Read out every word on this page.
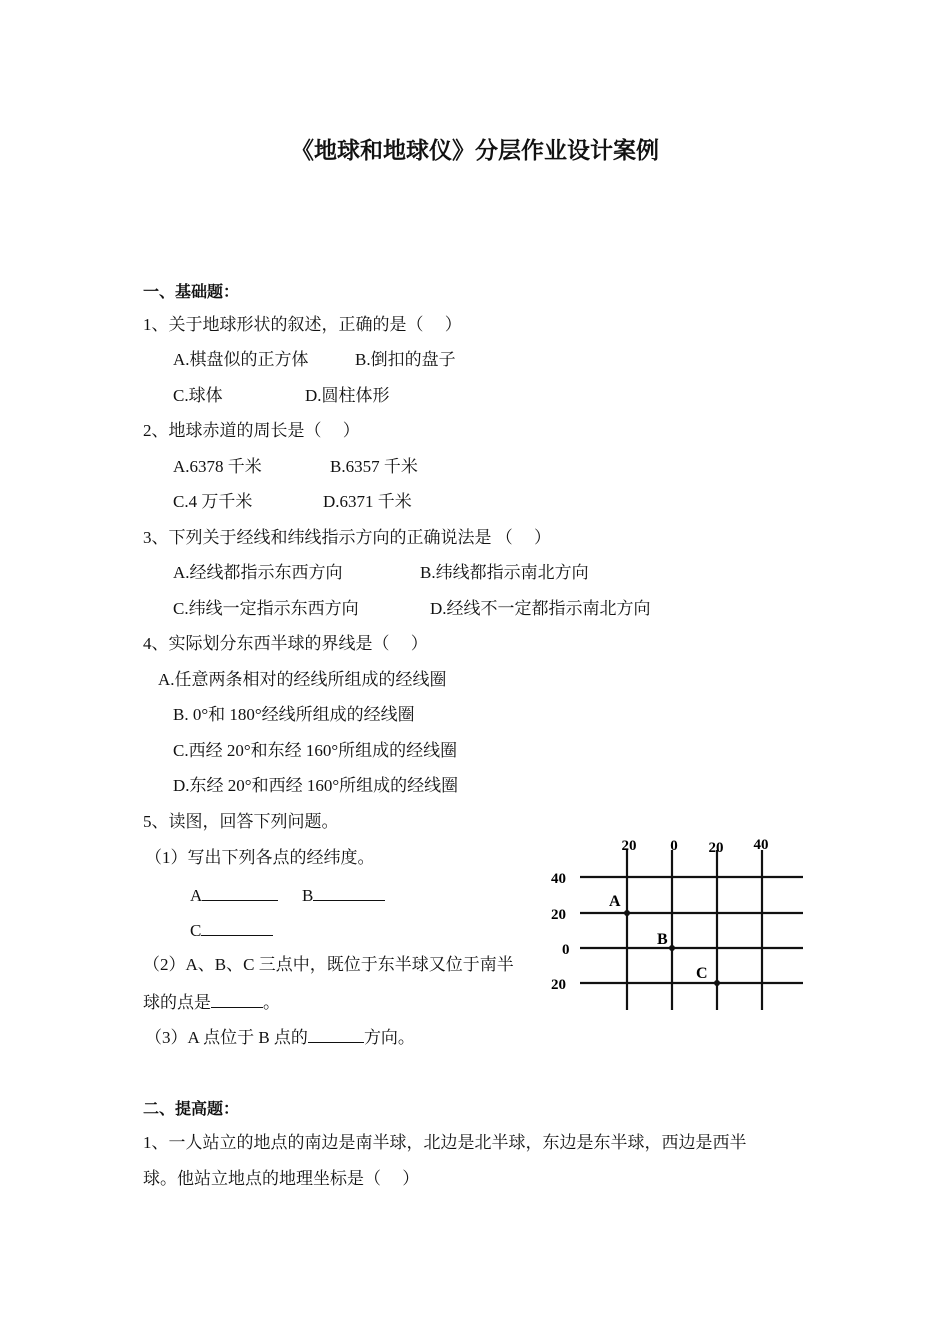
《地球和地球仪》分层作业设计案例
一、基础题：
1、关于地球形状的叙述，正确的是（　 ）
A.棋盘似的正方体	B.倒扣的盘子
C.球体	D.圆柱体形
2、地球赤道的周长是（　 ）
A.6378 千米	B.6357 千米
C.4 万千米	D.6371 千米
3、下列关于经线和纬线指示方向的正确说法是 （　 ）
A.经线都指示东西方向	B.纬线都指示南北方向
C.纬线一定指示东西方向	D.经线不一定都指示南北方向
4、实际划分东西半球的界线是（　 ）
A.任意两条相对的经线所组成的经线圈
B. 0°和 180°经线所组成的经线圈
C.西经 20°和东经 160°所组成的经线圈
D.东经 20°和西经 160°所组成的经线圈
5、读图，回答下列问题。
（1）写出下列各点的经纬度。
A	B
C
（2）A、B、C 三点中，既位于东半球又位于南半
球的点是	。
（3）A 点位于 B 点的	方向。
20 0 20 40
40
20
0
20
A
B
C
二、提高题：
1、一人站立的地点的南边是南半球，北边是北半球，东边是东半球，西边是西半
球。他站立地点的地理坐标是（　 ）
